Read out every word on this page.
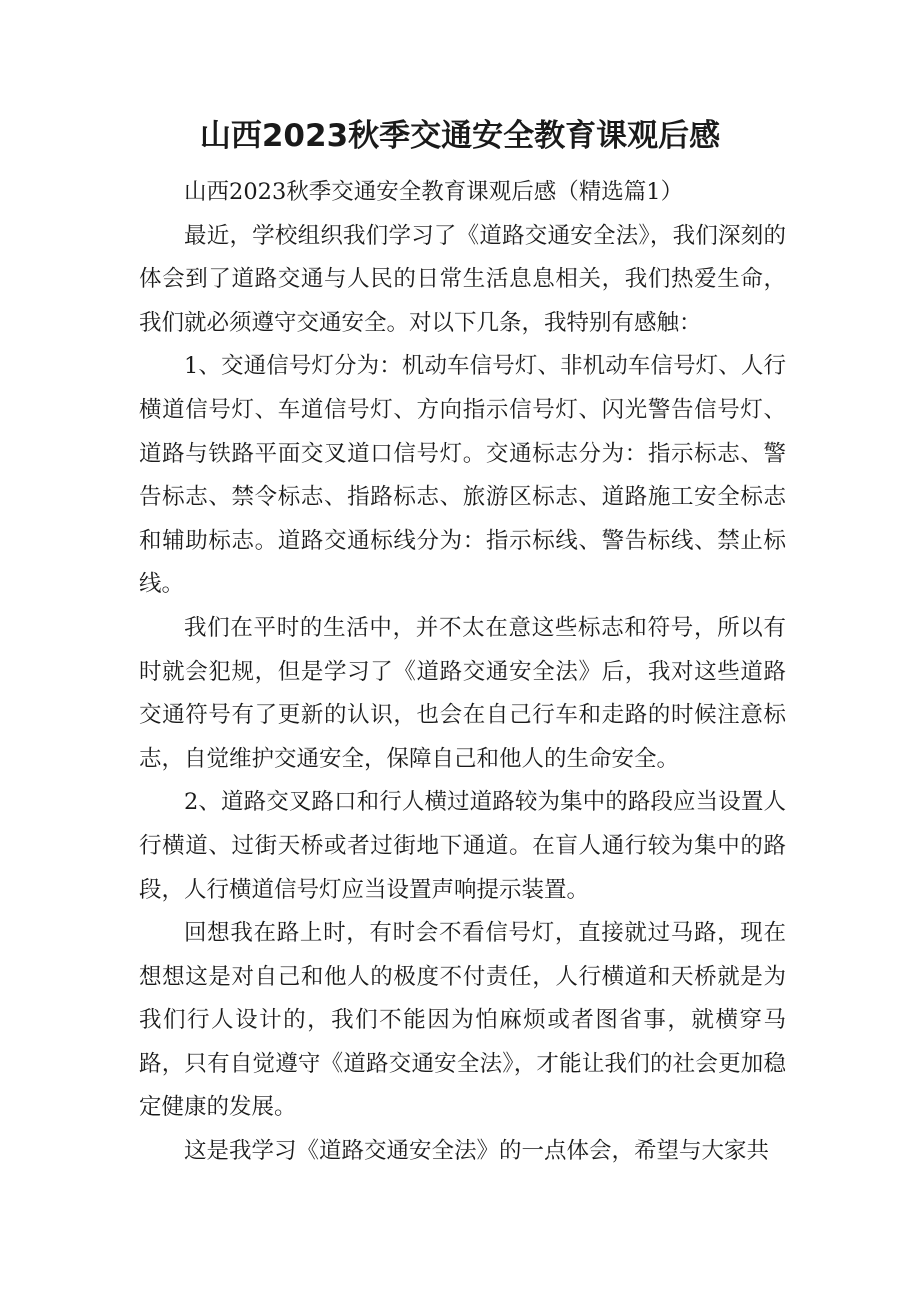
山西2023秋季交通安全教育课观后感

山西2023秋季交通安全教育课观后感（精选篇1）

最近，学校组织我们学习了《道路交通安全法》，我们深刻的体会到了道路交通与人民的日常生活息息相关，我们热爱生命，我们就必须遵守交通安全。对以下几条，我特别有感触：

1、交通信号灯分为：机动车信号灯、非机动车信号灯、人行横道信号灯、车道信号灯、方向指示信号灯、闪光警告信号灯、道路与铁路平面交叉道口信号灯。交通标志分为：指示标志、警告标志、禁令标志、指路标志、旅游区标志、道路施工安全标志和辅助标志。道路交通标线分为：指示标线、警告标线、禁止标线。

我们在平时的生活中，并不太在意这些标志和符号，所以有时就会犯规，但是学习了《道路交通安全法》后，我对这些道路交通符号有了更新的认识，也会在自己行车和走路的时候注意标志，自觉维护交通安全，保障自己和他人的生命安全。

2、道路交叉路口和行人横过道路较为集中的路段应当设置人行横道、过街天桥或者过街地下通道。在盲人通行较为集中的路段，人行横道信号灯应当设置声响提示装置。

回想我在路上时，有时会不看信号灯，直接就过马路，现在想想这是对自己和他人的极度不付责任，人行横道和天桥就是为我们行人设计的，我们不能因为怕麻烦或者图省事，就横穿马路，只有自觉遵守《道路交通安全法》，才能让我们的社会更加稳定健康的发展。

这是我学习《道路交通安全法》的一点体会，希望与大家共
